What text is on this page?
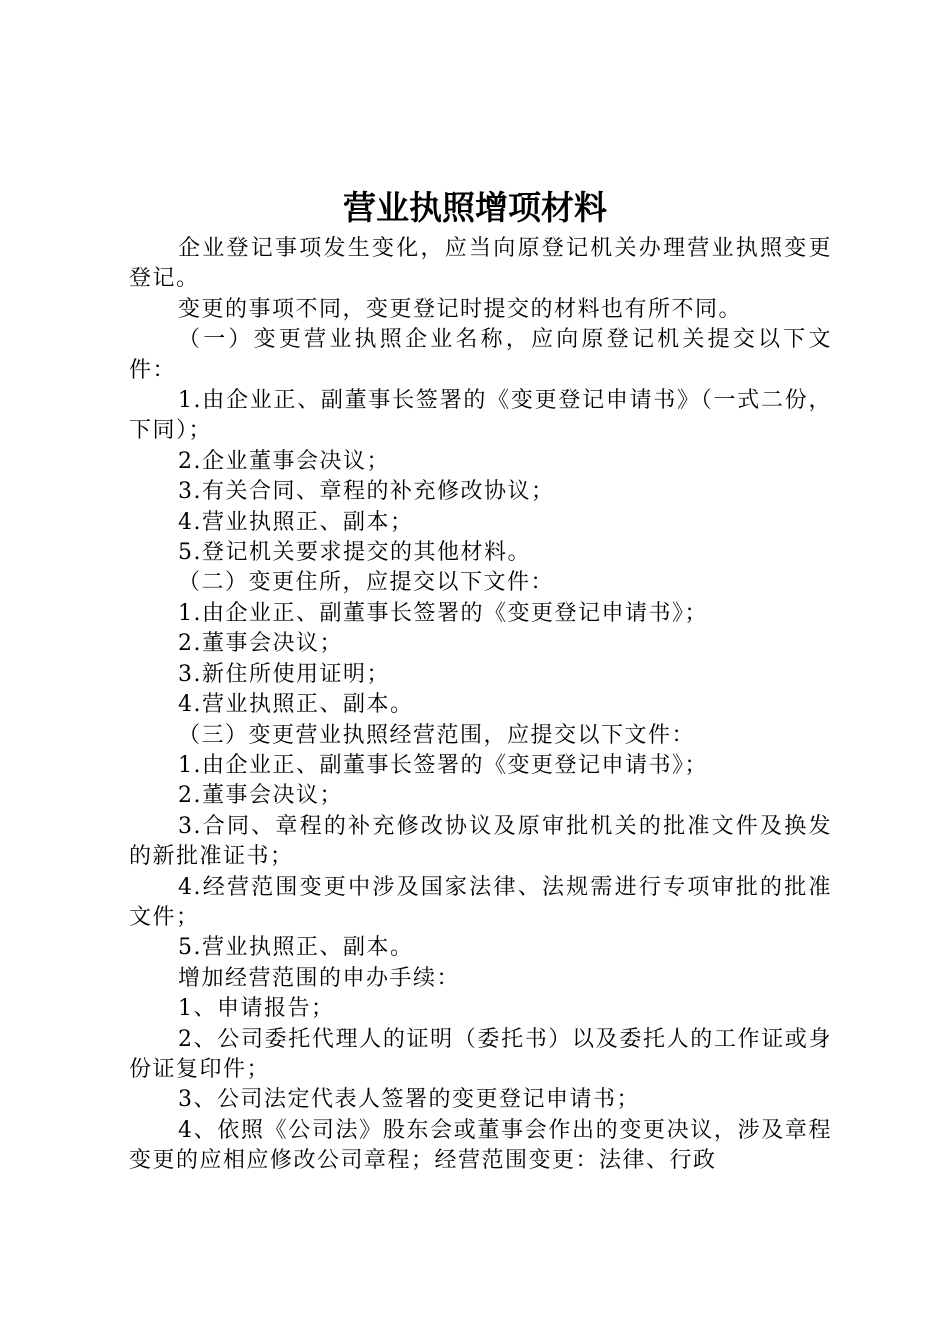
营业执照增项材料

企业登记事项发生变化，应当向原登记机关办理营业执照变更登记。

变更的事项不同，变更登记时提交的材料也有所不同。

（一）变更营业执照企业名称，应向原登记机关提交以下文件：

1.由企业正、副董事长签署的《变更登记申请书》（一式二份，下同）；

2.企业董事会决议；

3.有关合同、章程的补充修改协议；

4.营业执照正、副本；

5.登记机关要求提交的其他材料。

（二）变更住所，应提交以下文件：

1.由企业正、副董事长签署的《变更登记申请书》；

2.董事会决议；

3.新住所使用证明；

4.营业执照正、副本。

（三）变更营业执照经营范围，应提交以下文件：

1.由企业正、副董事长签署的《变更登记申请书》；

2.董事会决议；

3.合同、章程的补充修改协议及原审批机关的批准文件及换发的新批准证书；

4.经营范围变更中涉及国家法律、法规需进行专项审批的批准文件；

5.营业执照正、副本。

增加经营范围的申办手续：

1、申请报告；

2、公司委托代理人的证明（委托书）以及委托人的工作证或身份证复印件；

3、公司法定代表人签署的变更登记申请书；

4、依照《公司法》股东会或董事会作出的变更决议，涉及章程变更的应相应修改公司章程；经营范围变更：法律、行政
